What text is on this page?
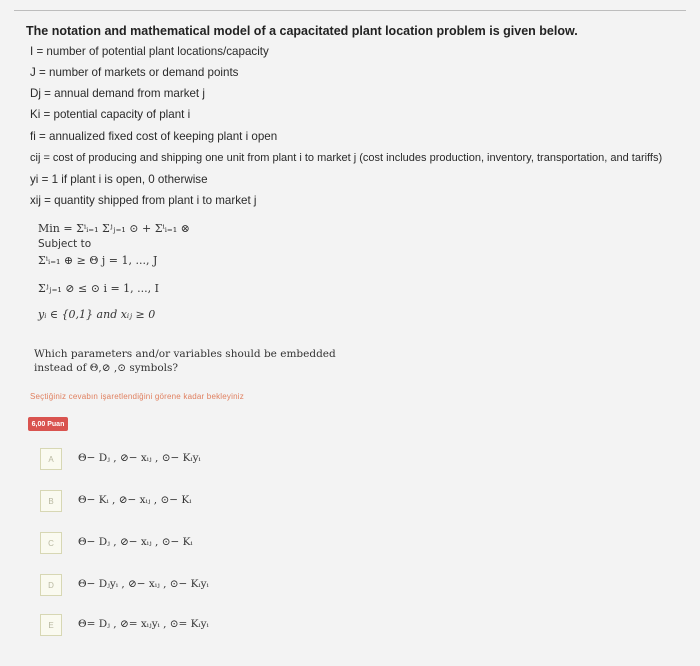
The notation and mathematical model of a capacitated plant location problem is given below.
I = number of potential plant locations/capacity
J = number of markets or demand points
Dj = annual demand from market j
Ki = potential capacity of plant i
fi = annualized fixed cost of keeping plant i open
cij = cost of producing and shipping one unit from plant i to market j (cost includes production, inventory, transportation, and tariffs)
yi = 1 if plant i is open, 0 otherwise
xij = quantity shipped from plant i to market j
Min = Σⁱᵢ₌₁ Σʲⱼ₌₁ ⊙ + Σⁱᵢ₌₁ ⊗
Subject to
Σⁱᵢ₌₁ ⊕ ≥ Θ j = 1, ..., J
Σʲⱼ₌₁ ⊘ ≤ ⊙ i = 1, ..., I
yᵢ ∈ {0,1} and xᵢⱼ ≥ 0
Which parameters and/or variables should be embedded instead of Θ,⊘ ,⊙ symbols?
Seçtiğiniz cevabın işaretlendiğini görene kadar bekleyiniz
6,00 Puan
A	Θ− Dⱼ , ⊘− xᵢⱼ , ⊙− Kᵢyᵢ
B	Θ− Kᵢ , ⊘− xᵢⱼ , ⊙− Kᵢ
C	Θ− Dⱼ , ⊘− xᵢⱼ , ⊙− Kᵢ
D	Θ− Dⱼyᵢ , ⊘− xᵢⱼ , ⊙− Kᵢyᵢ
E	Θ= Dⱼ , ⊘= xᵢⱼyᵢ , ⊙= Kᵢyᵢ
